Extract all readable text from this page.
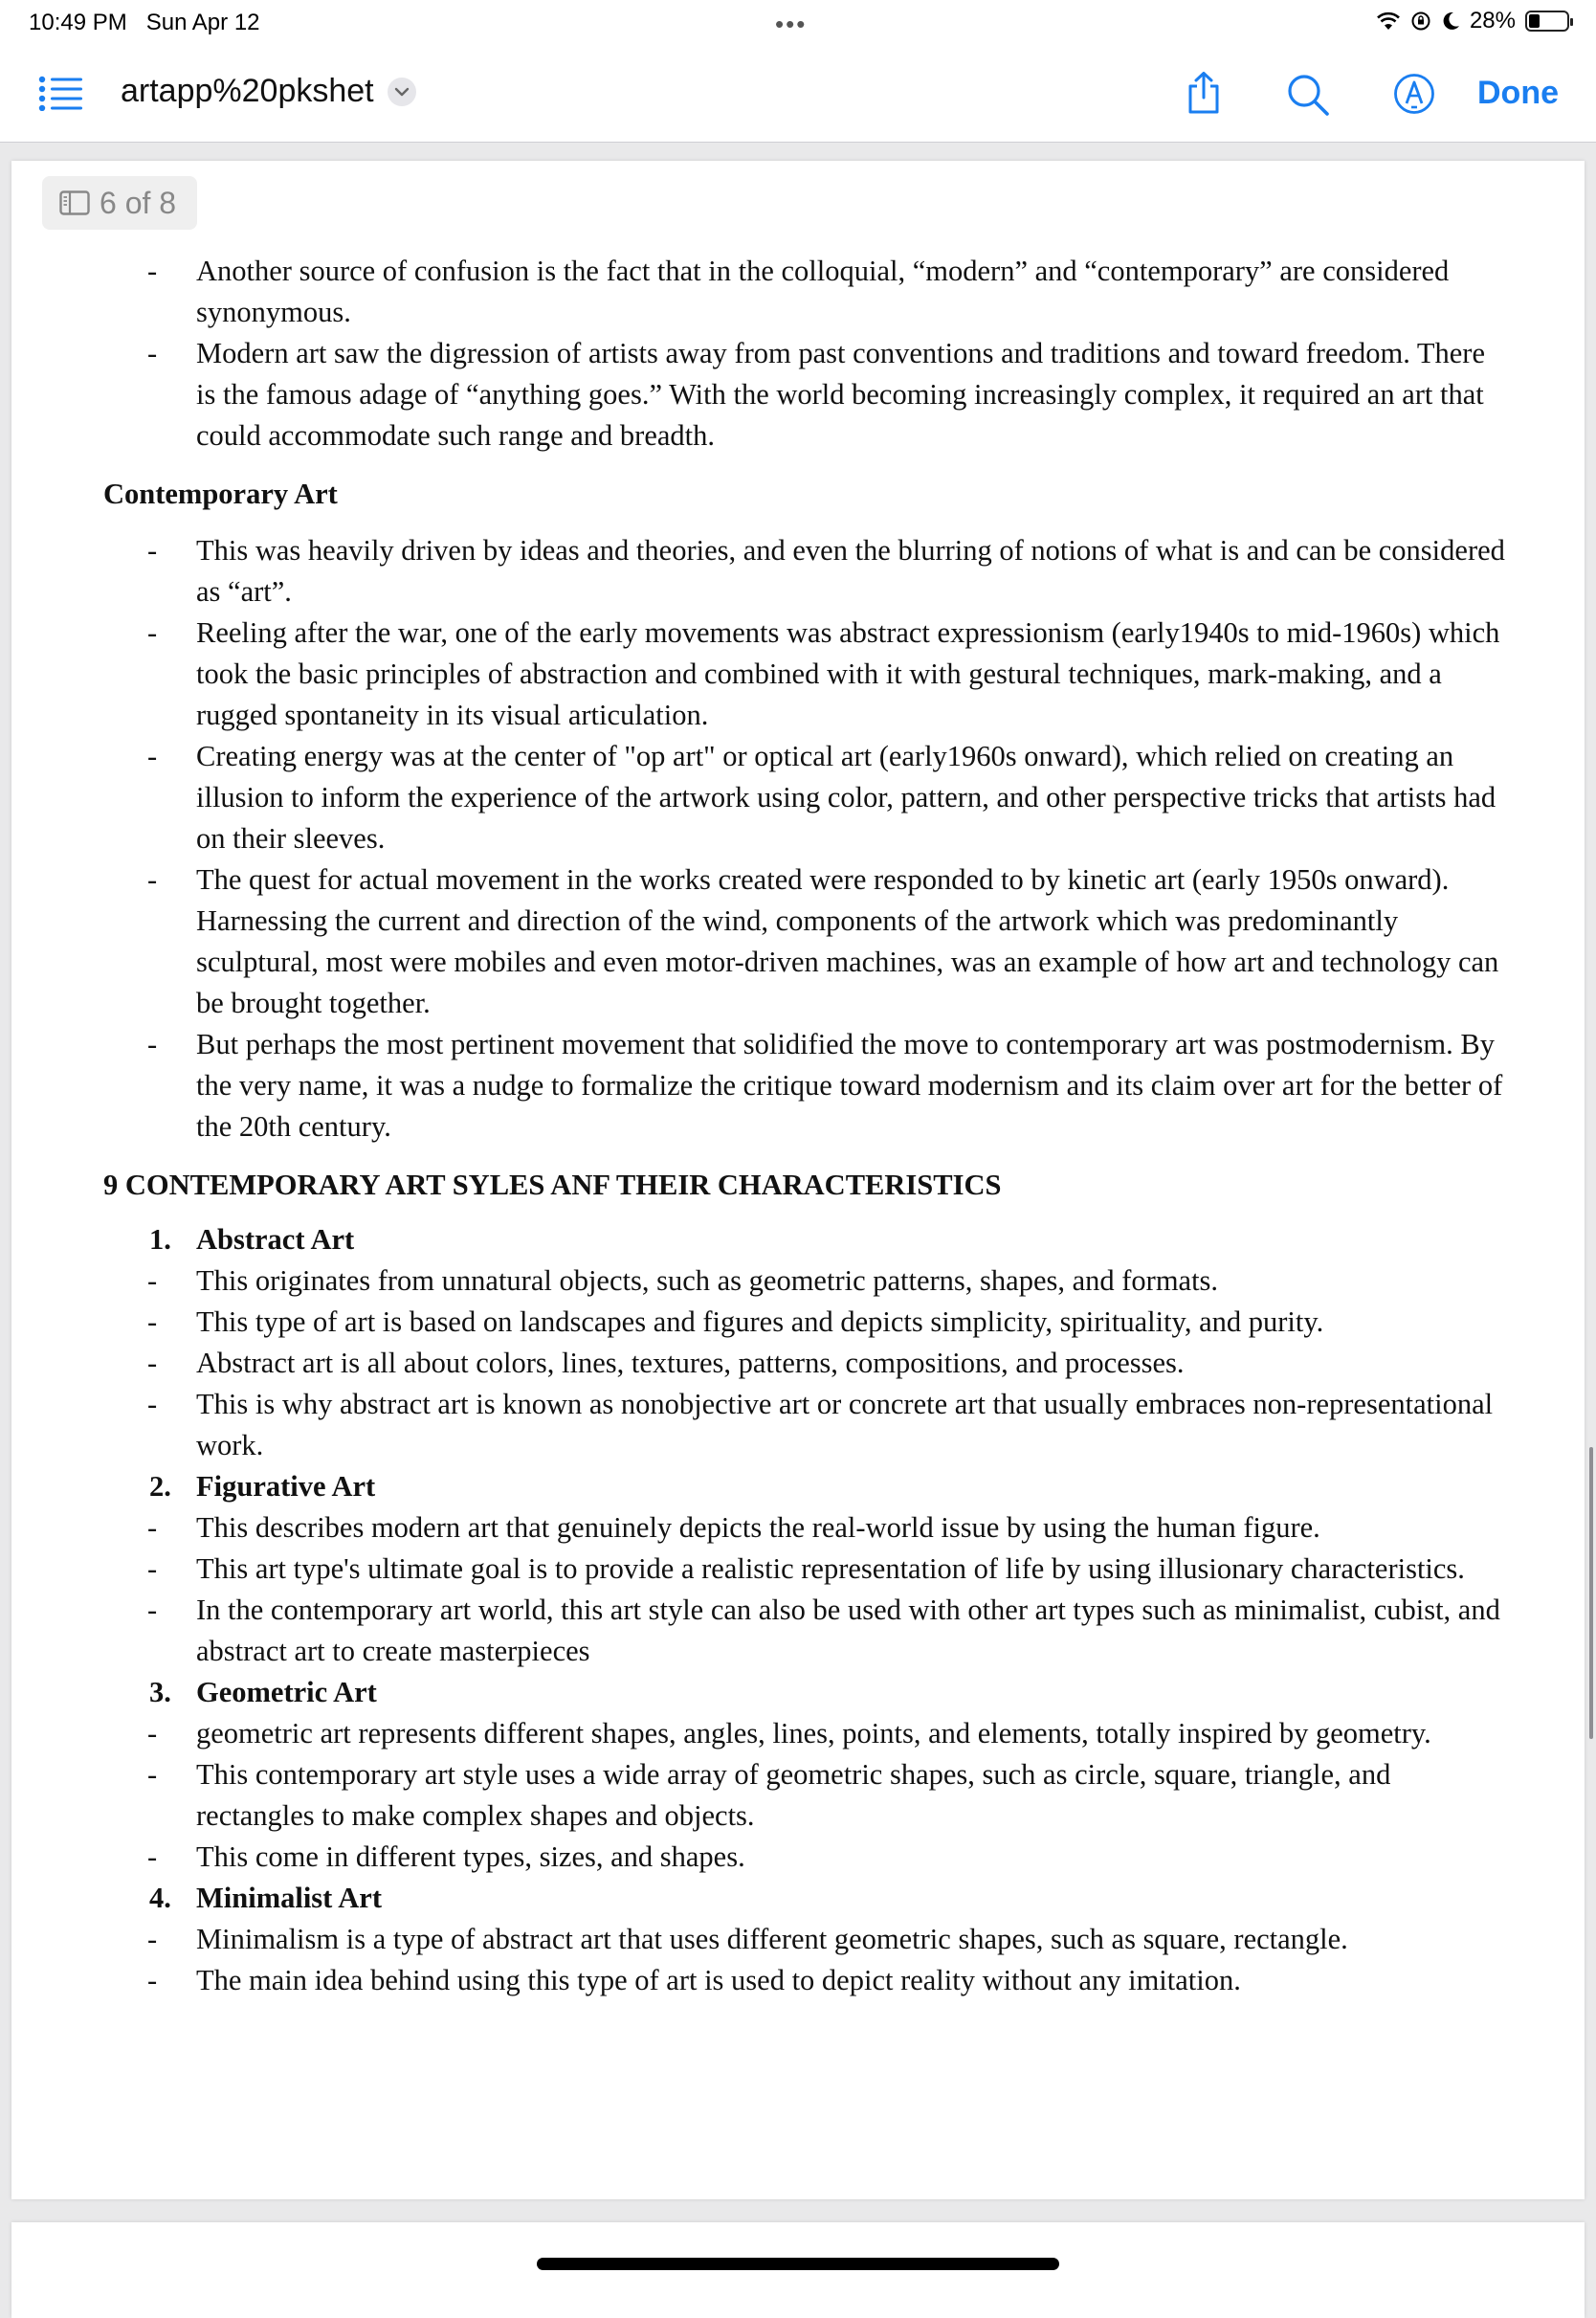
10:49 PM Sun Apr 12	•••	28%
artapp%20pkshet	Done
6 of 8
- Another source of confusion is the fact that in the colloquial, “modern” and “contemporary” are considered synonymous.
- Modern art saw the digression of artists away from past conventions and traditions and toward freedom. There is the famous adage of “anything goes.” With the world becoming increasingly complex, it required an art that could accommodate such range and breadth.
Contemporary Art
- This was heavily driven by ideas and theories, and even the blurring of notions of what is and can be considered as “art”.
- Reeling after the war, one of the early movements was abstract expressionism (early1940s to mid-1960s) which took the basic principles of abstraction and combined with it with gestural techniques, mark-making, and a rugged spontaneity in its visual articulation.
- Creating energy was at the center of "op art" or optical art (early1960s onward), which relied on creating an illusion to inform the experience of the artwork using color, pattern, and other perspective tricks that artists had on their sleeves.
- The quest for actual movement in the works created were responded to by kinetic art (early 1950s onward). Harnessing the current and direction of the wind, components of the artwork which was predominantly sculptural, most were mobiles and even motor-driven machines, was an example of how art and technology can be brought together.
- But perhaps the most pertinent movement that solidified the move to contemporary art was postmodernism. By the very name, it was a nudge to formalize the critique toward modernism and its claim over art for the better of the 20th century.
9 CONTEMPORARY ART SYLES ANF THEIR CHARACTERISTICS
1. Abstract Art
- This originates from unnatural objects, such as geometric patterns, shapes, and formats.
- This type of art is based on landscapes and figures and depicts simplicity, spirituality, and purity.
- Abstract art is all about colors, lines, textures, patterns, compositions, and processes.
- This is why abstract art is known as nonobjective art or concrete art that usually embraces non-representational work.
2. Figurative Art
- This describes modern art that genuinely depicts the real-world issue by using the human figure.
- This art type's ultimate goal is to provide a realistic representation of life by using illusionary characteristics.
- In the contemporary art world, this art style can also be used with other art types such as minimalist, cubist, and abstract art to create masterpieces
3. Geometric Art
- geometric art represents different shapes, angles, lines, points, and elements, totally inspired by geometry.
- This contemporary art style uses a wide array of geometric shapes, such as circle, square, triangle, and rectangles to make complex shapes and objects.
- This come in different types, sizes, and shapes.
4. Minimalist Art
- Minimalism is a type of abstract art that uses different geometric shapes, such as square, rectangle.
- The main idea behind using this type of art is used to depict reality without any imitation.
